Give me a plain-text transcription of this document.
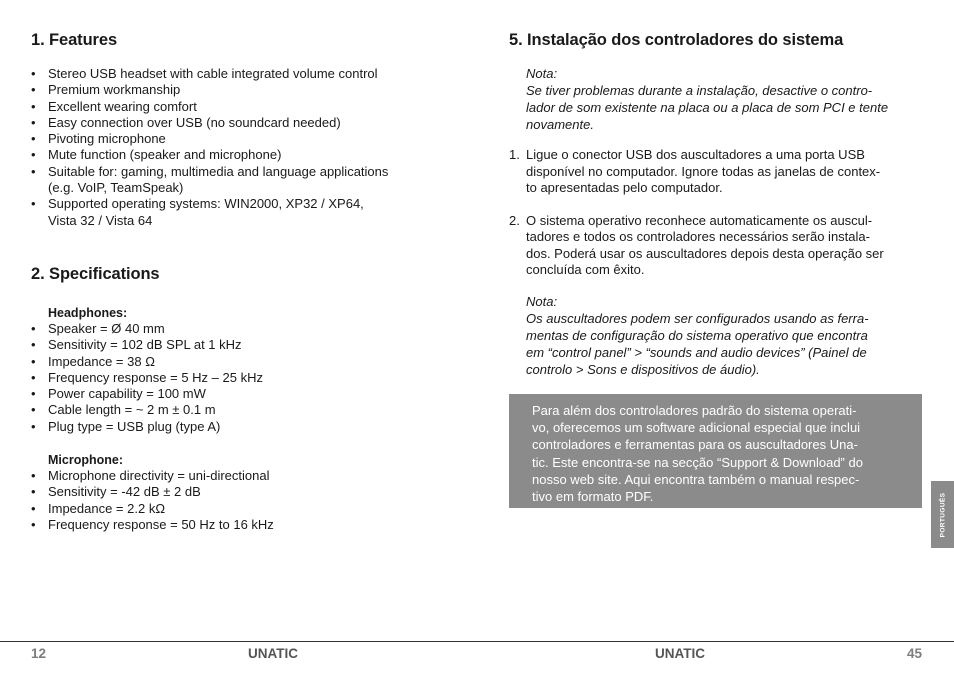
1. Features
• Stereo USB headset with cable integrated volume control
• Premium workmanship
• Excellent wearing comfort
• Easy connection over USB (no soundcard needed)
• Pivoting microphone
• Mute function (speaker and microphone)
• Suitable for: gaming, multimedia and language applications
(e.g. VoIP, TeamSpeak)
• Supported operating systems: WIN2000, XP32 / XP64,
Vista 32 / Vista 64
2. Specifications
Headphones:
• Speaker = Ø 40 mm
• Sensitivity = 102 dB SPL at 1 kHz
• Impedance = 38 Ω
• Frequency response = 5 Hz – 25 kHz
• Power capability = 100 mW
• Cable length = ~ 2 m ± 0.1 m
• Plug type = USB plug (type A)
Microphone:
• Microphone directivity = uni-directional
• Sensitivity = -42 dB ± 2 dB
• Impedance = 2.2 kΩ
• Frequency response = 50 Hz to 16 kHz
5. Instalação dos controladores do sistema
Nota:
Se tiver problemas durante a instalação, desactive o contro-
lador de som existente na placa ou a placa de som PCI e tente
novamente.
1. Ligue o conector USB dos auscultadores a uma porta USB
disponível no computador. Ignore todas as janelas de contex-
to apresentadas pelo computador.
2. O sistema operativo reconhece automaticamente os auscul-
tadores e todos os controladores necessários serão instala-
dos. Poderá usar os auscultadores depois desta operação ser
concluída com êxito.
Nota:
Os auscultadores podem ser configurados usando as ferra-
mentas de configuração do sistema operativo que encontra
em “control panel” > “sounds and audio devices” (Painel de
controlo > Sons e dispositivos de áudio).
Para além dos controladores padrão do sistema operati-
vo, oferecemos um software adicional especial que inclui
controladores e ferramentas para os auscultadores Una-
tic. Este encontra-se na secção “Support & Download” do
nosso web site. Aqui encontra também o manual respec-
tivo em formato PDF.	PORTUGUÊS
12	UNATIC	UNATIC	45
